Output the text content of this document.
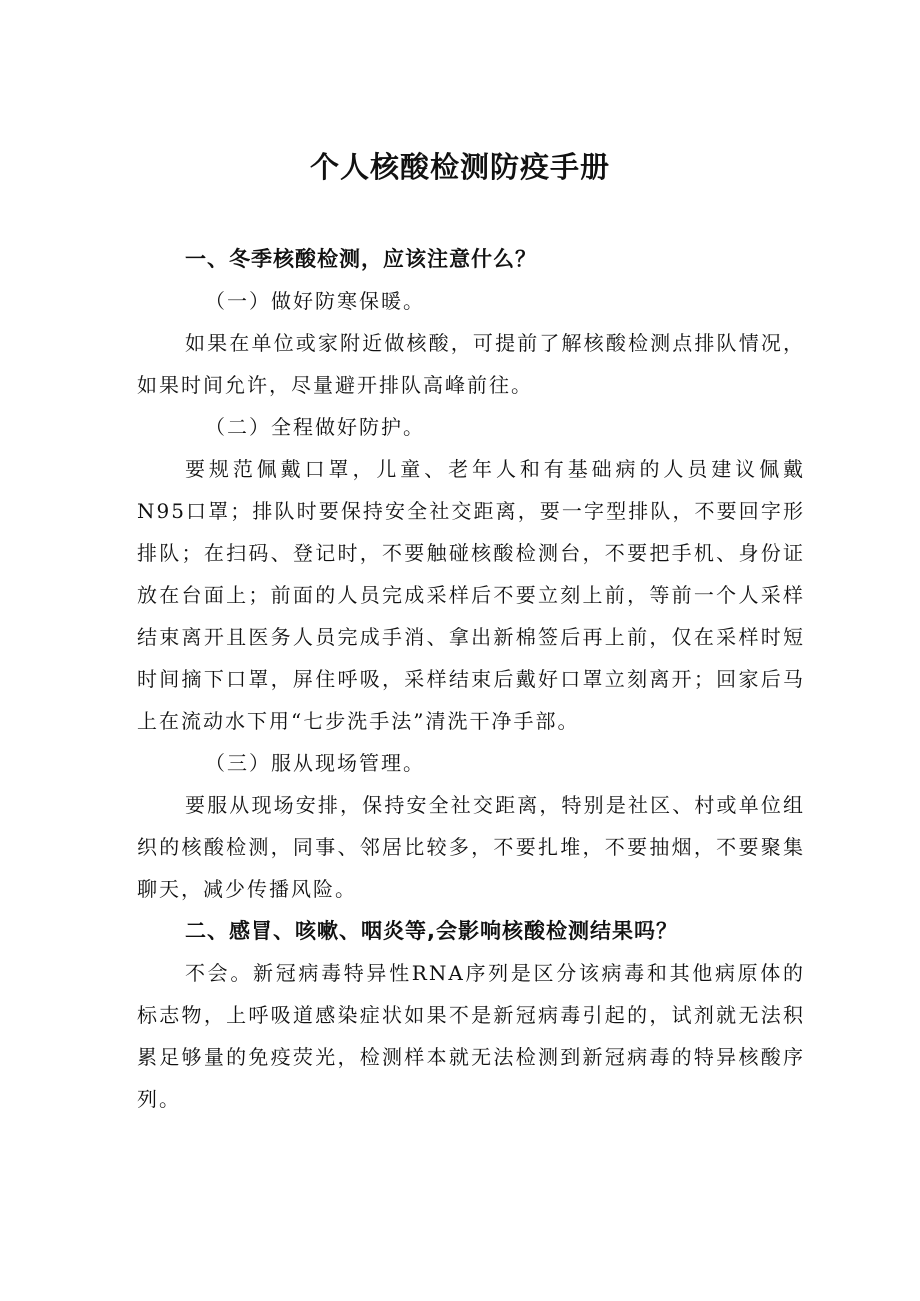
个人核酸检测防疫手册

一、冬季核酸检测，应该注意什么？

（一）做好防寒保暖。

如果在单位或家附近做核酸，可提前了解核酸检测点排队情况，如果时间允许，尽量避开排队高峰前往。

（二）全程做好防护。

要规范佩戴口罩，儿童、老年人和有基础病的人员建议佩戴N95口罩；排队时要保持安全社交距离，要一字型排队，不要回字形排队；在扫码、登记时，不要触碰核酸检测台，不要把手机、身份证放在台面上；前面的人员完成采样后不要立刻上前，等前一个人采样结束离开且医务人员完成手消、拿出新棉签后再上前，仅在采样时短时间摘下口罩，屏住呼吸，采样结束后戴好口罩立刻离开；回家后马上在流动水下用“七步洗手法”清洗干净手部。

（三）服从现场管理。

要服从现场安排，保持安全社交距离，特别是社区、村或单位组织的核酸检测，同事、邻居比较多，不要扎堆，不要抽烟，不要聚集聊天，减少传播风险。

二、感冒、咳嗽、咽炎等,会影响核酸检测结果吗？

不会。新冠病毒特异性RNA序列是区分该病毒和其他病原体的标志物，上呼吸道感染症状如果不是新冠病毒引起的，试剂就无法积累足够量的免疫荧光，检测样本就无法检测到新冠病毒的特异核酸序列。
